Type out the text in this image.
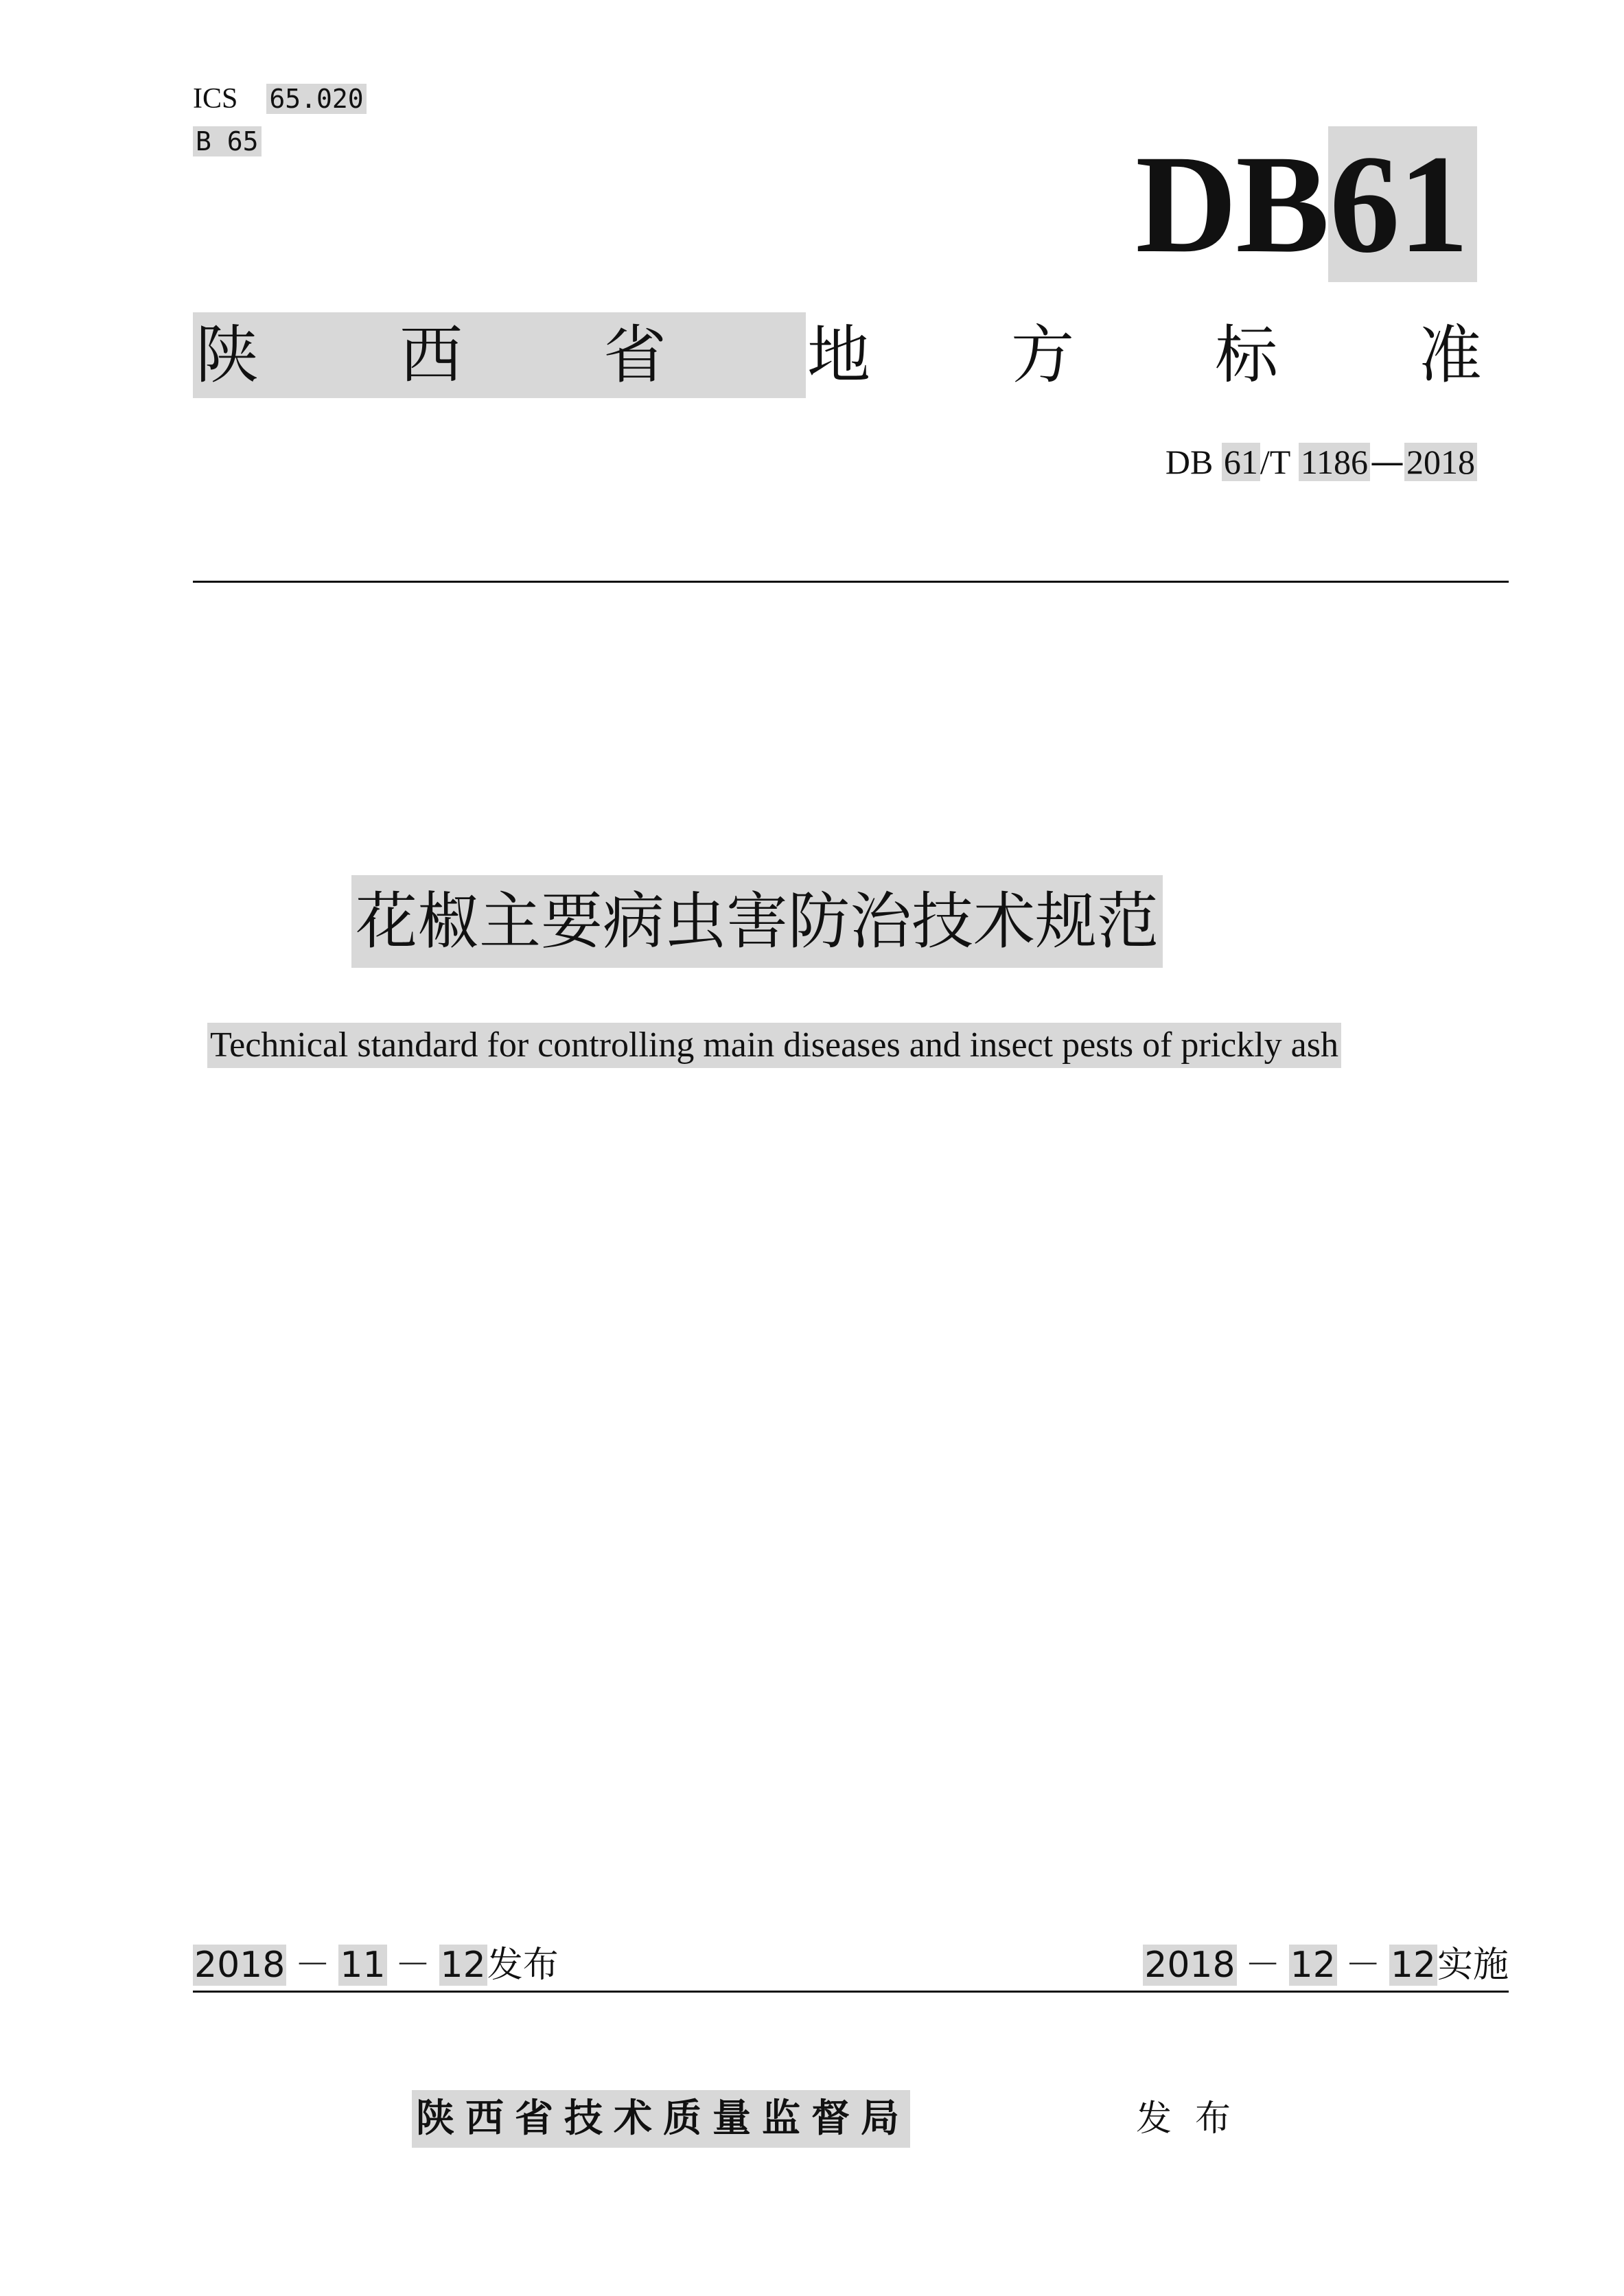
ICS 65.020
B 65	DB61
陕 西 省 地 方 标 准
DB 61/T 1186—2018
花椒主要病虫害防治技术规范
Technical standard for controlling main diseases and insect pests of prickly ash
2018 － 11 － 12发布	2018 － 12 － 12实施
陕西省技术质量监督局	发布
